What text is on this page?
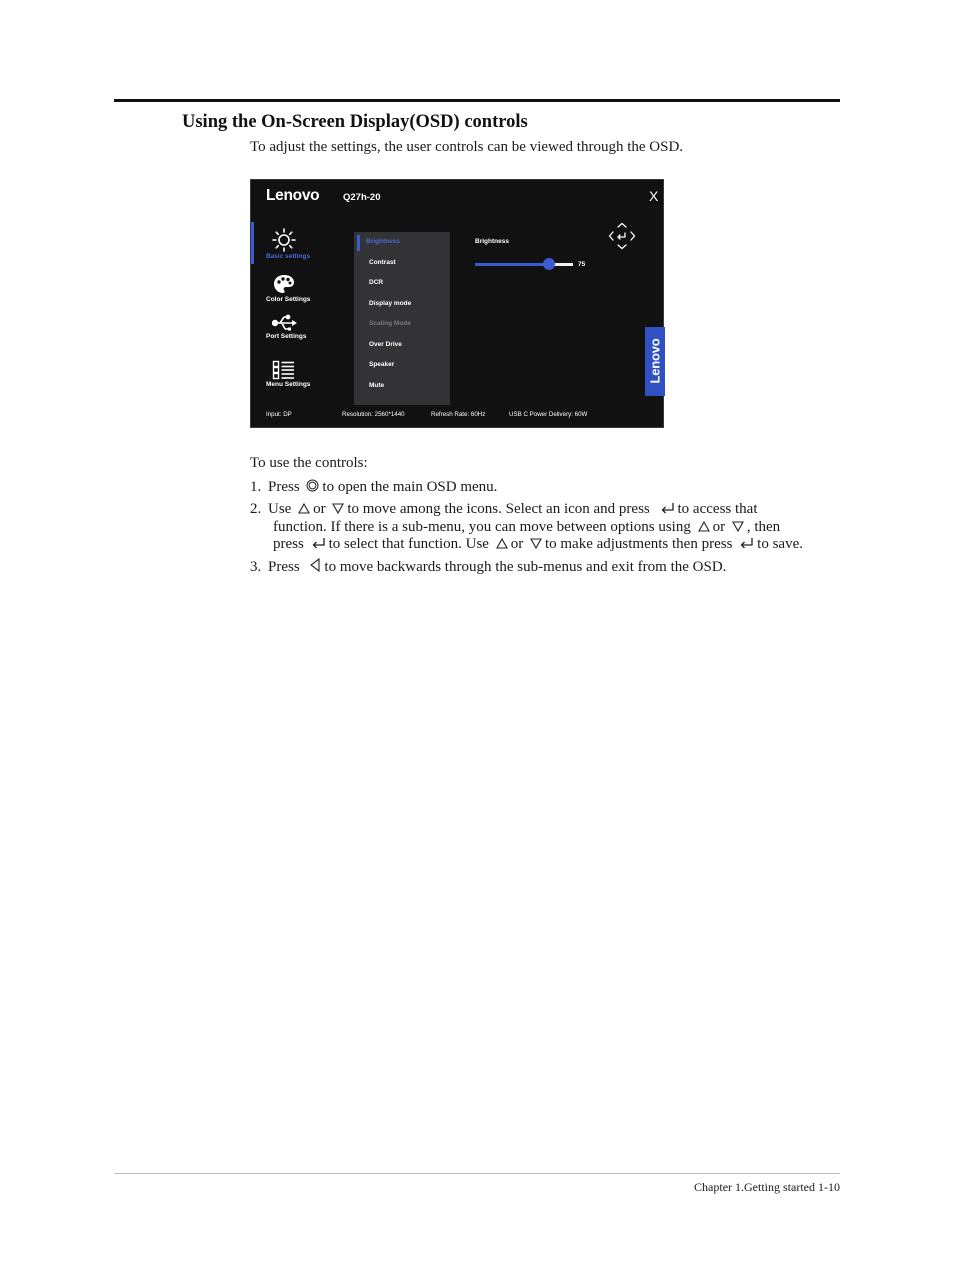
Using the On-Screen Display(OSD) controls

To adjust the settings, the user controls can be viewed through the OSD.

Lenovo Q27h-20	X
Basic settings
Color Settings
Port Settings
Menu Settings
Brightness
Contrast
DCR
Display mode
Scaling Mode
Over Drive
Speaker
Mute
Brightness
75
Lenovo
Input: DP	Resolution: 2560*1440	Refresh Rate: 60Hz	USB C Power Delivery: 60W

To use the controls:

1. Press to open the main OSD menu.

2. Use or to move among the icons. Select an icon and press to access that

function. If there is a sub-menu, you can move between options using or , then

press to select that function. Use or to make adjustments then press to save.

3. Press to move backwards through the sub-menus and exit from the OSD.

Chapter 1.Getting started 1-10
